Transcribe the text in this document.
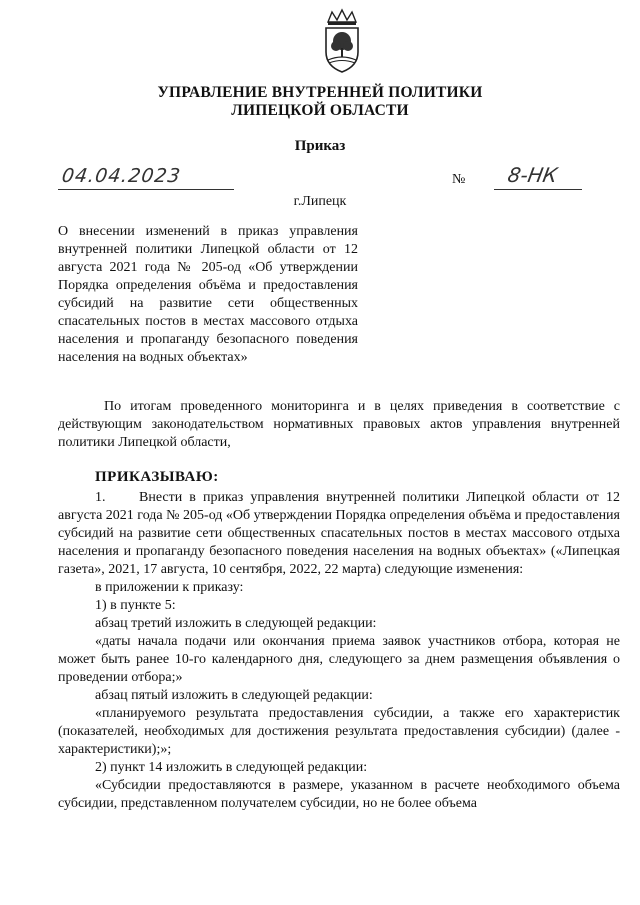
УПРАВЛЕНИЕ ВНУТРЕННЕЙ ПОЛИТИКИ
ЛИПЕЦКОЙ ОБЛАСТИ
Приказ
04.04.2023	№ 8-НК
г.Липецк
О внесении изменений в приказ управления внутренней политики Липецкой области от 12 августа 2021 года № 205-од «Об утверждении Порядка определения объёма и предоставления субсидий на развитие сети общественных спасательных постов в местах массового отдыха населения и пропаганду безопасного поведения населения на водных объектах»
По итогам проведенного мониторинга и в целях приведения в соответствие с действующим законодательством нормативных правовых актов управления внутренней политики Липецкой области,
ПРИКАЗЫВАЮ:

1. Внести в приказ управления внутренней политики Липецкой области от 12 августа 2021 года № 205-од «Об утверждении Порядка определения объёма и предоставления субсидий на развитие сети общественных спасательных постов в местах массового отдыха населения и пропаганду безопасного поведения населения на водных объектах» («Липецкая газета», 2021, 17 августа, 10 сентября, 2022, 22 марта) следующие изменения:

в приложении к приказу:

1) в пункте 5:

абзац третий изложить в следующей редакции:

«даты начала подачи или окончания приема заявок участников отбора, которая не может быть ранее 10-го календарного дня, следующего за днем размещения объявления о проведении отбора;»

абзац пятый изложить в следующей редакции:

«планируемого результата предоставления субсидии, а также его характеристик (показателей, необходимых для достижения результата предоставления субсидии) (далее - характеристики);»;

2) пункт 14 изложить в следующей редакции:

«Субсидии предоставляются в размере, указанном в расчете необходимого объема субсидии, представленном получателем субсидии, но не более объема
